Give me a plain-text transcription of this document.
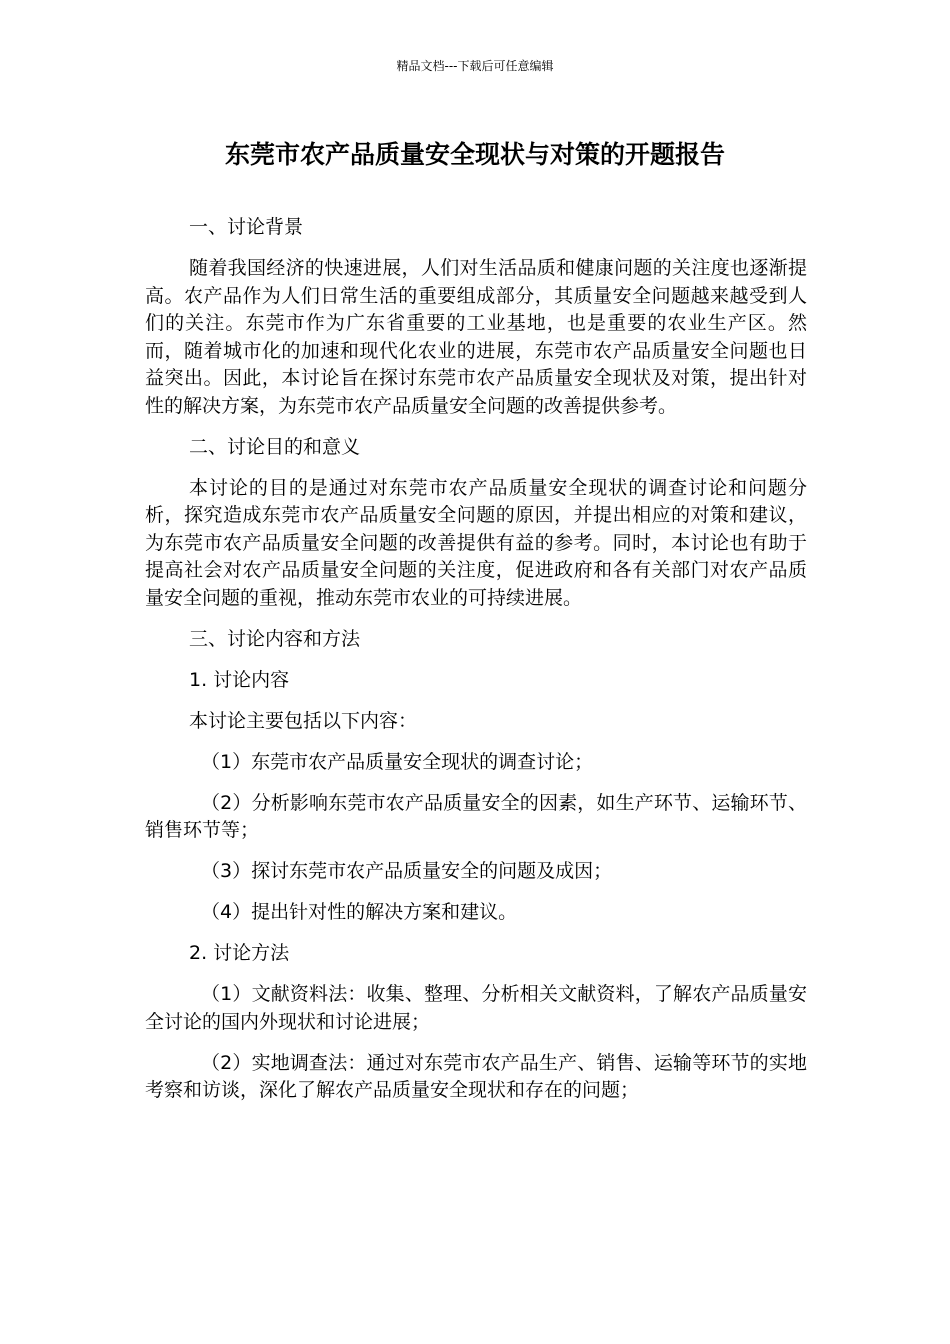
精品文档---下载后可任意编辑
东莞市农产品质量安全现状与对策的开题报告

一、讨论背景

随着我国经济的快速进展，人们对生活品质和健康问题的关注度也逐渐提高。农产品作为人们日常生活的重要组成部分，其质量安全问题越来越受到人们的关注。东莞市作为广东省重要的工业基地，也是重要的农业生产区。然而，随着城市化的加速和现代化农业的进展，东莞市农产品质量安全问题也日益突出。因此，本讨论旨在探讨东莞市农产品质量安全现状及对策，提出针对性的解决方案，为东莞市农产品质量安全问题的改善提供参考。

二、讨论目的和意义

本讨论的目的是通过对东莞市农产品质量安全现状的调查讨论和问题分析，探究造成东莞市农产品质量安全问题的原因，并提出相应的对策和建议，为东莞市农产品质量安全问题的改善提供有益的参考。同时，本讨论也有助于提高社会对农产品质量安全问题的关注度，促进政府和各有关部门对农产品质量安全问题的重视，推动东莞市农业的可持续进展。

三、讨论内容和方法

1. 讨论内容

本讨论主要包括以下内容：

（1）东莞市农产品质量安全现状的调查讨论；

（2）分析影响东莞市农产品质量安全的因素，如生产环节、运输环节、销售环节等；

（3）探讨东莞市农产品质量安全的问题及成因；

（4）提出针对性的解决方案和建议。

2. 讨论方法

（1）文献资料法：收集、整理、分析相关文献资料，了解农产品质量安全讨论的国内外现状和讨论进展；

（2）实地调查法：通过对东莞市农产品生产、销售、运输等环节的实地考察和访谈，深化了解农产品质量安全现状和存在的问题；
